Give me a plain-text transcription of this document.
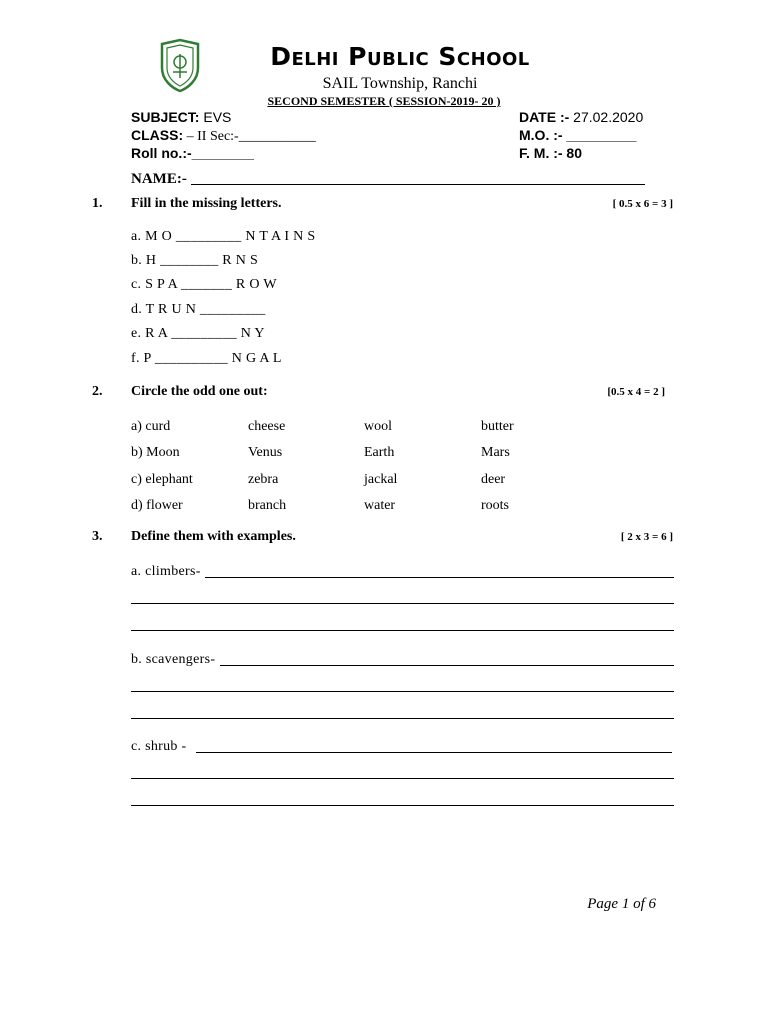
Delhi Public School
SAIL Township, Ranchi
SECOND SEMESTER ( SESSION-2019- 20 )
SUBJECT: EVS
CLASS: – II Sec:-___________
Roll no.:-________
DATE :- 27.02.2020
M.O. :- _________
F. M. :- 80
NAME:-
1. Fill in the missing letters.	[ 0.5 x 6 = 3 ]
a. M O _________ N T A I N S
b. H ________ R N S
c. S P A _______ R O W
d. T R U N _________
e. R A _________ N Y
f. P __________ N G A L
2. Circle the odd one out:	[0.5 x 4 = 2 ]
a) curd	cheese	wool	butter
b) Moon	Venus	Earth	Mars
c) elephant	zebra	jackal	deer
d) flower	branch	water	roots
3. Define them with examples.	[ 2 x 3 = 6 ]
a. climbers-
b. scavengers-
c. shrub -
Page 1 of 6
